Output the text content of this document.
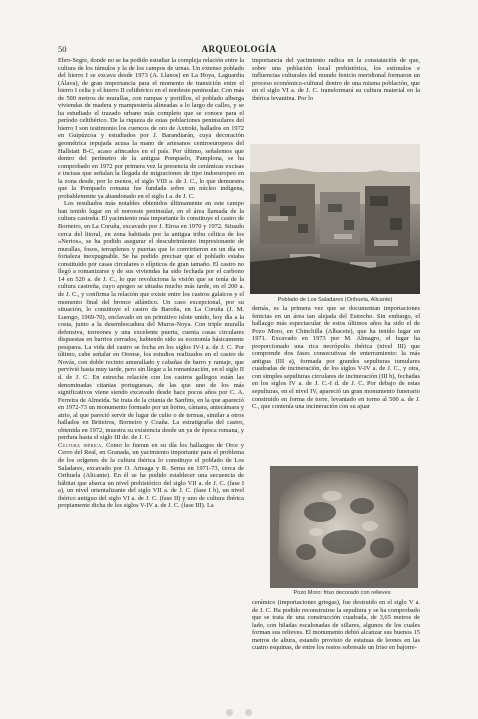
50	ARQUEOLOGÍA

Ebro-Segre, donde no se ha podido estudiar la compleja relación entre la cultura de los túmulos y la de los campos de urnas. Un extenso poblado del hierro I se excava desde 1973 (A. Llanos) en La Hoya, Laguardia (Álava), de gran importancia para el momento de transición entre el hierro I celta y el hierro II celtibérico en el nordeste peninsular. Con más de 500 metros de murallas, con rampas y portillos, el poblado alberga viviendas de madera y mampostería alineadas a lo largo de calles, y se ha estudiado el trazado urbano más completo que se conoce para el período celtibérico. De la riqueza de estas poblaciones peninsulares del hierro I son testimonio los cuencos de oro de Axtroki, hallados en 1972 en Guipúzcoa y estudiados por J. Barandiarán, cuya decoración geométrica repujada acusa la mano de artesanos centroeuropeos del Hallstatt B-C, acaso afincados en el país. Por último, señalemos que dentro del perímetro de la antigua Pompaelo, Pamplona, se ha comprobado en 1972 por primera vez la presencia de cerámicas excisas e incisas que señalan la llegada de migraciones de tipo indoeuropeo en la zona desde, por lo menos, el siglo VIII a. de J. C., lo que demuestra que la Pompaelo romana fue fundada sobre un núcleo indígena, probablemente ya abandonado en el siglo I a. de J. C.

Los resultados más notables obtenidos últimamente en este campo han tenido lugar en el noroeste peninsular, en el área llamada de la cultura castreña. El yacimiento más importante lo constituye el castro de Borneiro, en La Coruña, excavado por J. Eiroa en 1970 y 1972. Situado cerca del litoral, en zona habitada por la antigua tribu céltica de los «Nerios», se ha podido asegurar el descubrimiento impresionante de murallas, fosos, terraplenes y puertas que lo convirtieron en un día en fortaleza inexpugnable. Se ha podido precisar que el poblado estaba constituido por casas circulares o elípticos de gran tamaño. El castro no llegó a romanizarse y de sus viviendas ha sido fechada por el carbono 14 en 520 a. de J. C., lo que revoluciona la visión que se tenía de la cultura castreña, cuyo apogeo se situaba mucho más tarde, en el 200 a. de J. C., y confirma la relación que existe entre los castros galaicos y el momento final del bronce atlántico. Un caso excepcional, por su situación, lo constituye el castro de Baroña, en La Coruña (J. M. Luengo, 1969-70), enclavado en un primitivo islote unido, hoy día a la costa, junto a la desembocadura del Muros-Noya. Con triple muralla defensiva, torreones y una excelente puerta, cuenta casas circulares dispuestas en barrios cerrados, habiendo sido su economía básicamente pesquera. La vida del castro se fecha en los siglos IV-I a. de J. C. Por último, cabe señalar en Orense, los estudios realizados en el castro de Novás, con doble recinto amurallado y cabañas de barro y ramaje, que pervivió hasta muy tarde, pero sin llegar a la romanización, en el siglo II d. de J. C. En estrecha relación con los castros gallegos están las denominadas citanias portuguesas, de las que uno de los más significativos viene siendo excavado desde hace pocos años por C. A. Ferreira de Almeida. Se trata de la citania de Sanfins, en la que apareció en 1972-73 un monumento formado por un horno, cámara, antecámara y atrio, al que pareció servir de lugar de culto o de termas, similar a otros hallados en Briteiros, Borneiro y Coaña. La estratigrafía del castro, obtenida en 1972, muestra su existencia desde un ya de época romana, y perdura hasta el siglo III de. de J. C.

Cultura ibérica. Como lo fueran en su día los hallazgos de Orce y Cerro del Real, en Granada, un yacimiento importante para el problema de los orígenes de la cultura ibérica lo constituye el poblado de Los Saladares, excavado por O. Arteaga y R. Serna en 1971-73, cerca de Orihuela (Alicante). En él se ha podido establecer una secuencia de hábitat que abarca un nivel prehistórico del siglo VII a. de J. C. (fase I a), un nivel orientalizante del siglo VII a. de J. C. (fase I b), un nivel ibérico antiguo del siglo VI a. de J. C. (fase II) y uno de cultura ibérica propiamente dicha de los siglos V-IV a. de J. C. (fase III). La

importancia del yacimiento radica en la constatación de que, sobre una población local prehistórica, los estímulos e influencias culturales del mundo fenicio meridional formaron un proceso económico-cultural dentro de una misma población, que en el siglo VI a. de J. C. transformará su cultura material en la ibérica levantina. Por lo

Poblado de Los Saladares (Orihuela, Alicante)

demás, es la primera vez que se documentan importaciones fenicias en un área tan alejada del Estrecho. Sin embargo, el hallazgo más espectacular de estos últimos años ha sido el de Pozo Moro, en Chinchilla (Albacete), que ha tenido lugar en 1971. Excavado en 1973 por M. Almagro, el lugar ha proporcionado una rica necrópolis ibérica (nivel III) que comprende dos fases consecutivas de enterramiento: la más antigua (III a), formada por grandes sepulturas tumulares cuadradas de incineración, de los siglos V-IV a. de J. C., y otra, con simples sepulturas circulares de incineración (III b), fechadas en los siglos IV a. de J. C.-I d. de J. C. Por debajo de estas sepulturas, en el nivel IV, apareció un gran monumento funerario construido en forma de torre, levantado en torno al 500 a. de J. C., que contenía una incineración con su ajuar

Pozo Moro: friso decorado con relieves

cerámico (importaciones griegas), fue destruido en el siglo V a. de J. C. Ha podido reconstruirse la sepultura y se ha comprobado que se trata de una construcción cuadrada, de 3,65 metros de lado, con hiladas escalonadas de sillares, algunos de los cuales forman sus relieves. El monumento debió alcanzar sus buenos 15 metros de altura, estando provisto de estatuas de leones en las cuatro esquinas, de entre los restos sobresale un friso en bajorre-
